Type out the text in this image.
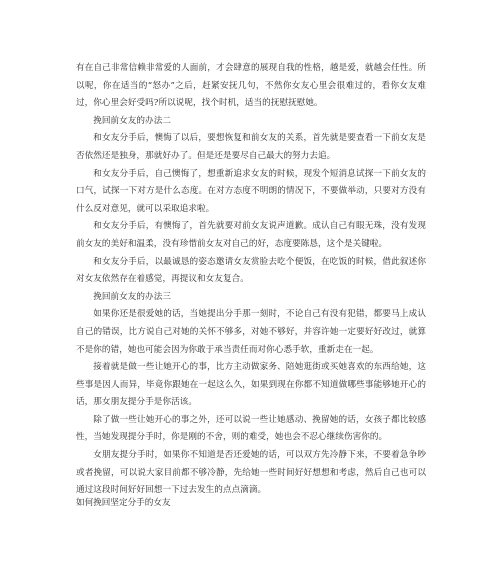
有在自己非常信赖非常爱的人面前，才会肆意的展现自我的性格，越是爱，就越会任性。所以呢，你在适当的“怒办”之后，赶紧安抚几句，不然你女友心里会很难过的，看你女友难过，你心里会好受吗?所以说呢，找个时机，适当的抚慰抚慰她。

挽回前女友的办法二

和女友分手后，懊悔了以后，要想恢复和前女友的关系，首先就是要查看一下前女友是否依然还是独身，那就好办了。但是还是要尽自己最大的努力去追。

和女友分手后，自己懊悔了，想重新追求女友的时候，现发个短消息试探一下前女友的口气，试探一下对方是什么态度。在对方态度不明朗的情况下，不要做举动，只要对方没有什么反对意见，就可以采取追求啦。

和女友分手后，有懊悔了，首先就要对前女友说声道歉。成认自己有眼无珠，没有发现前女友的美好和温柔，没有珍惜前女友对自己的好，态度要陈恳，这个是关键啦。

和女友分手后，以最诚恳的姿态邀请女友赏脸去吃个便饭，在吃饭的时候，借此叙述你对女友依然存在着感觉，再提议和女友复合。

挽回前女友的办法三

如果你还是很爱她的话，当她提出分手那一刻时，不论自己有没有犯错，都要马上成认自己的错误，比方说自己对她的关怀不够多，对她不够好，并容许她一定要好好改过，就算不是你的错，她也可能会因为你敢于承当责任而对你心悉手软，重新走在一起。

接着就是做一些让她开心的事，比方主动做家务、陪她逛街或买她喜欢的东西给她，这些事是因人而异，毕竟你跟她在一起这么久，如果到现在你都不知道做哪些事能够她开心的话，那女朋友提分手是你活该。

除了做一些让她开心的事之外，还可以说一些让她感动、挽留她的话，女孩子都比较感性，当她发现提分手时，你是刚的不舍，则的难受，她也会不忍心继续伤害你的。

女朋友提分手时，如果你不知道是否还爱她的话，可以双方先冷静下来，不要着急争吵或者挽留，可以说大家目前都不够冷静，先给她一些时间好好想想和考虑，然后自己也可以通过这段时间好好回想一下过去发生的点点滴滴。

如何挽回坚定分手的女友
